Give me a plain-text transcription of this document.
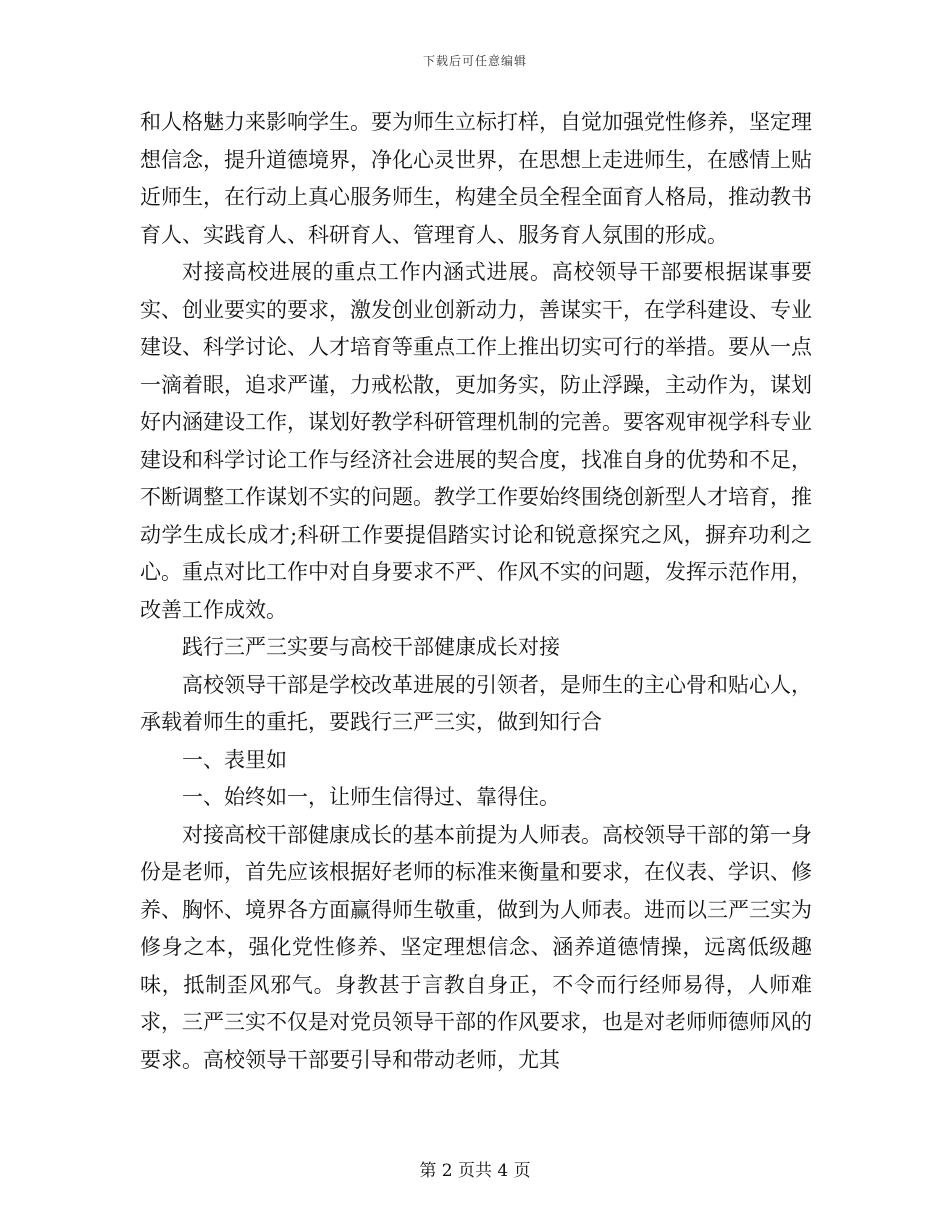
下载后可任意编辑

和人格魅力来影响学生。要为师生立标打样，自觉加强党性修养，坚定理想信念，提升道德境界，净化心灵世界，在思想上走进师生，在感情上贴近师生，在行动上真心服务师生，构建全员全程全面育人格局，推动教书育人、实践育人、科研育人、管理育人、服务育人氛围的形成。

对接高校进展的重点工作内涵式进展。高校领导干部要根据谋事要实、创业要实的要求，激发创业创新动力，善谋实干，在学科建设、专业建设、科学讨论、人才培育等重点工作上推出切实可行的举措。要从一点一滴着眼，追求严谨，力戒松散，更加务实，防止浮躁，主动作为，谋划好内涵建设工作，谋划好教学科研管理机制的完善。要客观审视学科专业建设和科学讨论工作与经济社会进展的契合度，找准自身的优势和不足，不断调整工作谋划不实的问题。教学工作要始终围绕创新型人才培育，推动学生成长成才;科研工作要提倡踏实讨论和锐意探究之风，摒弃功利之心。重点对比工作中对自身要求不严、作风不实的问题，发挥示范作用，改善工作成效。

践行三严三实要与高校干部健康成长对接

高校领导干部是学校改革进展的引领者，是师生的主心骨和贴心人，承载着师生的重托，要践行三严三实，做到知行合

一、表里如

一、始终如一，让师生信得过、靠得住。

对接高校干部健康成长的基本前提为人师表。高校领导干部的第一身份是老师，首先应该根据好老师的标准来衡量和要求，在仪表、学识、修养、胸怀、境界各方面赢得师生敬重，做到为人师表。进而以三严三实为修身之本，强化党性修养、坚定理想信念、涵养道德情操，远离低级趣味，抵制歪风邪气。身教甚于言教自身正，不令而行经师易得，人师难求，三严三实不仅是对党员领导干部的作风要求，也是对老师师德师风的要求。高校领导干部要引导和带动老师，尤其

第 2 页共 4 页
